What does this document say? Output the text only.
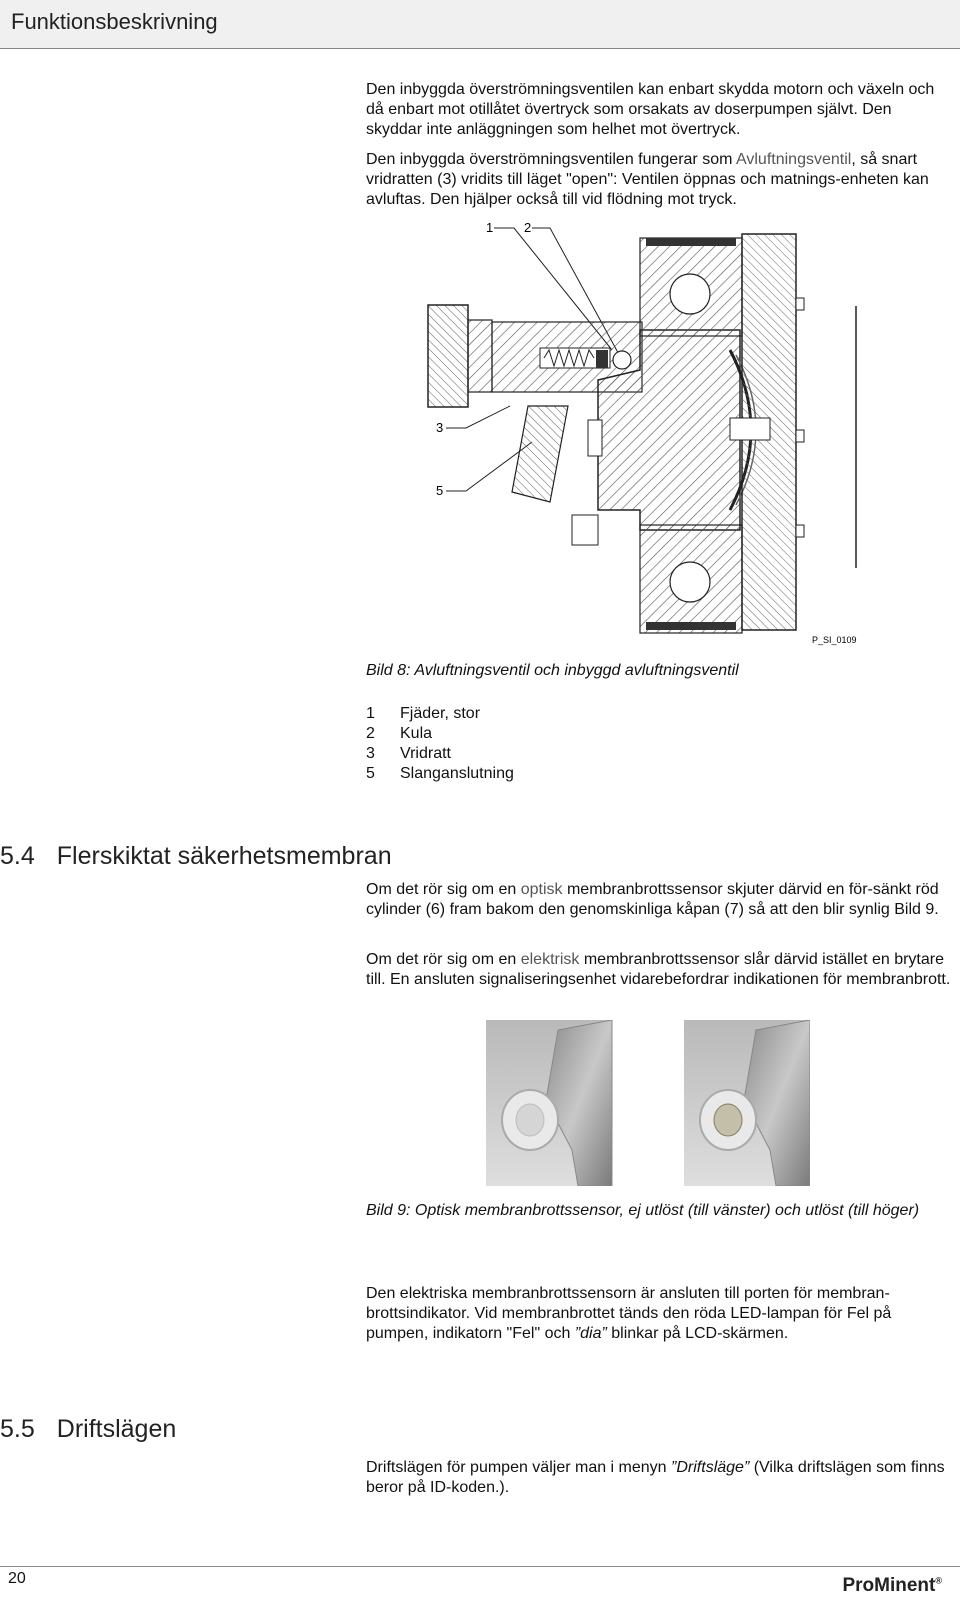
Funktionsbeskrivning

Den inbyggda överströmningsventilen kan enbart skydda motorn och växeln och då enbart mot otillåtet övertryck som orsakats av doserpumpen självt. Den skyddar inte anläggningen som helhet mot övertryck.

Den inbyggda överströmningsventilen fungerar som Avluftningsventil, så snart vridratten (3) vridits till läget "open": Ventilen öppnas och matnings-enheten kan avluftas. Den hjälper också till vid flödning mot tryck.

1 2
3
5
P_SI_0109
Bild 8: Avluftningsventil och inbyggd avluftningsventil
1 Fjäder, stor
2 Kula
3 Vridratt
5 Slanganslutning
5.4 Flerskiktat säkerhetsmembran

Om det rör sig om en optisk membranbrottssensor skjuter därvid en för-sänkt röd cylinder (6) fram bakom den genomskinliga kåpan (7) så att den blir synlig Bild 9.

Om det rör sig om en elektrisk membranbrottssensor slår därvid istället en brytare till. En ansluten signaliseringsenhet vidarebefordrar indikationen för membranbrott.

Bild 9: Optisk membranbrottssensor, ej utlöst (till vänster) och utlöst (till höger)

Den elektriska membranbrottssensorn är ansluten till porten för membran-brottsindikator. Vid membranbrottet tänds den röda LED-lampan för Fel på pumpen, indikatorn "Fel" och ”dia” blinkar på LCD-skärmen.

5.5 Driftslägen

Driftslägen för pumpen väljer man i menyn ”Driftsläge” (Vilka driftslägen som finns beror på ID-koden.).

20	ProMinent®
